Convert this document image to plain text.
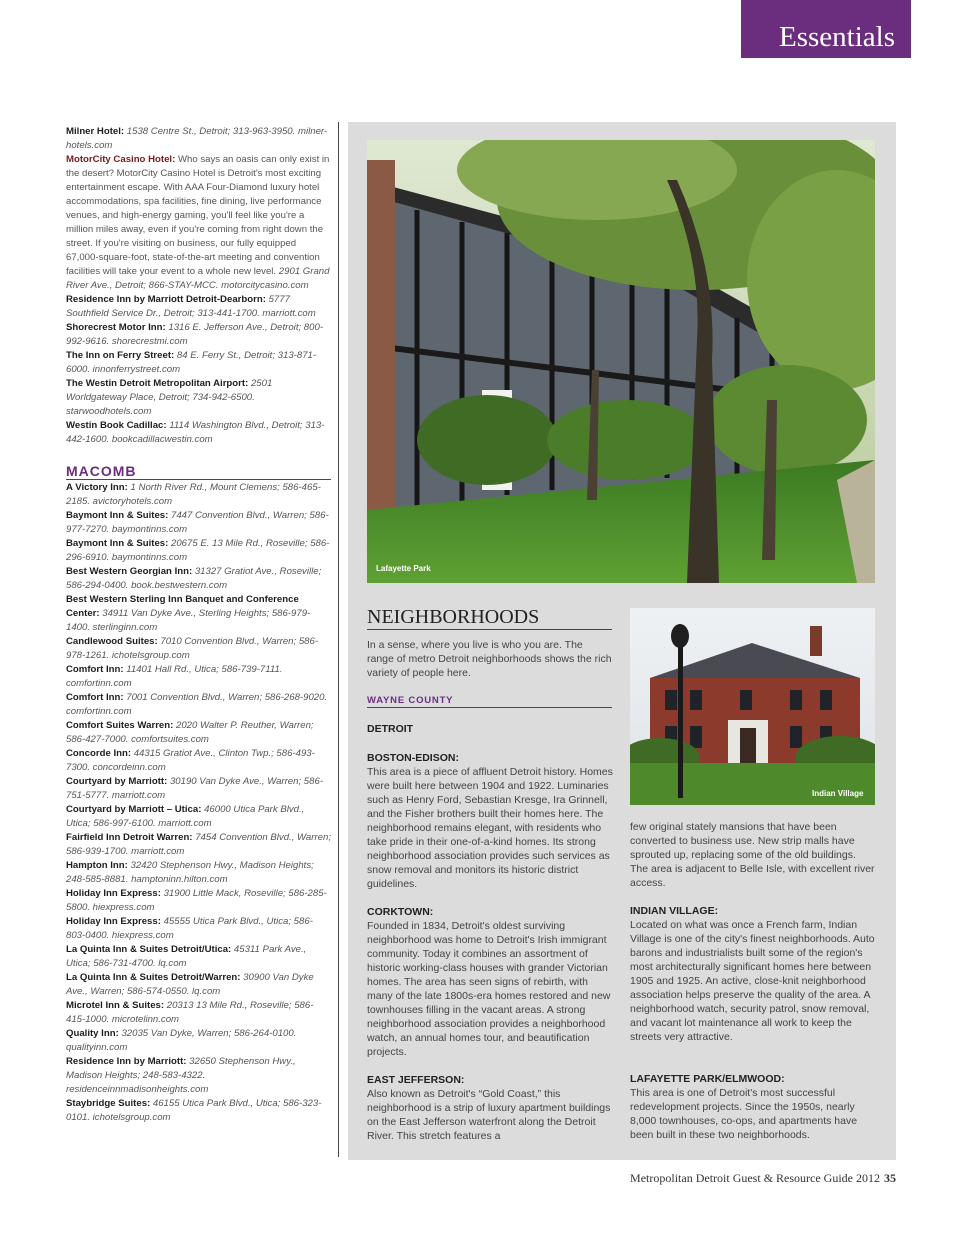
Essentials

Milner Hotel: 1538 Centre St., Detroit; 313-963-3950. milner-hotels.com

MotorCity Casino Hotel: Who says an oasis can only exist in the desert? MotorCity Casino Hotel is Detroit's most exciting entertainment escape. With AAA Four-Diamond luxury hotel accommodations, spa facilities, fine dining, live performance venues, and high-energy gaming, you'll feel like you're a million miles away, even if you're coming from right down the street. If you're visiting on business, our fully equipped 67,000-square-foot, state-of-the-art meeting and convention facilities will take your event to a whole new level. 2901 Grand River Ave., Detroit; 866-STAY-MCC. motorcitycasino.com

Residence Inn by Marriott Detroit-Dearborn: 5777 Southfield Service Dr., Detroit; 313-441-1700. marriott.com

Shorecrest Motor Inn: 1316 E. Jefferson Ave., Detroit; 800-992-9616. shorecrestmi.com

The Inn on Ferry Street: 84 E. Ferry St., Detroit; 313-871-6000. innonferrystreet.com

The Westin Detroit Metropolitan Airport: 2501 Worldgateway Place, Detroit; 734-942-6500. starwoodhotels.com

Westin Book Cadillac: 1114 Washington Blvd., Detroit; 313-442-1600. bookcadillacwestin.com

MACOMB

A Victory Inn: 1 North River Rd., Mount Clemens; 586-465-2185. avictoryhotels.com

Baymont Inn & Suites: 7447 Convention Blvd., Warren; 586-977-7270. baymontinns.com

Baymont Inn & Suites: 20675 E. 13 Mile Rd., Roseville; 586-296-6910. baymontinns.com

Best Western Georgian Inn: 31327 Gratiot Ave., Roseville; 586-294-0400. book.bestwestern.com

Best Western Sterling Inn Banquet and Conference Center: 34911 Van Dyke Ave., Sterling Heights; 586-979-1400. sterlinginn.com

Candlewood Suites: 7010 Convention Blvd., Warren; 586-978-1261. ichotelsgroup.com

Comfort Inn: 11401 Hall Rd., Utica; 586-739-7111. comfortinn.com

Comfort Inn: 7001 Convention Blvd., Warren; 586-268-9020. comfortinn.com

Comfort Suites Warren: 2020 Walter P. Reuther, Warren; 586-427-7000. comfortsuites.com

Concorde Inn: 44315 Gratiot Ave., Clinton Twp.; 586-493-7300. concordeinn.com

Courtyard by Marriott: 30190 Van Dyke Ave., Warren; 586-751-5777. marriott.com

Courtyard by Marriott – Utica: 46000 Utica Park Blvd., Utica; 586-997-6100. marriott.com

Fairfield Inn Detroit Warren: 7454 Convention Blvd., Warren; 586-939-1700. marriott.com

Hampton Inn: 32420 Stephenson Hwy., Madison Heights; 248-585-8881. hamptoninn.hilton.com

Holiday Inn Express: 31900 Little Mack, Roseville; 586-285-5800. hiexpress.com

Holiday Inn Express: 45555 Utica Park Blvd., Utica; 586-803-0400. hiexpress.com

La Quinta Inn & Suites Detroit/Utica: 45311 Park Ave., Utica; 586-731-4700. lq.com

La Quinta Inn & Suites Detroit/Warren: 30900 Van Dyke Ave., Warren; 586-574-0550. lq.com

Microtel Inn & Suites: 20313 13 Mile Rd., Roseville; 586-415-1000. microtelinn.com

Quality Inn: 32035 Van Dyke, Warren; 586-264-0100. qualityinn.com

Residence Inn by Marriott: 32650 Stephenson Hwy., Madison Heights; 248-583-4322. residenceinnmadisonheights.com

Staybridge Suites: 46155 Utica Park Blvd., Utica; 586-323-0101. ichotelsgroup.com

Lafayette Park
Indian Village
NEIGHBORHOODS
In a sense, where you live is who you are. The range of metro Detroit neighborhoods shows the rich variety of people here.
WAYNE COUNTY
DETROIT
BOSTON-EDISON:

This area is a piece of affluent Detroit history. Homes were built here between 1904 and 1922. Luminaries such as Henry Ford, Sebastian Kresge, Ira Grinnell, and the Fisher brothers built their homes here. The neighborhood remains elegant, with residents who take pride in their one-of-a-kind homes. Its strong neighborhood association provides such services as snow removal and monitors its historic district guidelines.

CORKTOWN:

Founded in 1834, Detroit's oldest surviving neighborhood was home to Detroit's Irish immigrant community. Today it combines an assortment of historic working-class houses with grander Victorian homes. The area has seen signs of rebirth, with many of the late 1800s-era homes restored and new townhouses filling in the vacant areas. A strong neighborhood association provides a neighborhood watch, an annual homes tour, and beautification projects.

EAST JEFFERSON:

Also known as Detroit's “Gold Coast,” this neighborhood is a strip of luxury apartment buildings on the East Jefferson waterfront along the Detroit River. This stretch features a

few original stately mansions that have been converted to business use. New strip malls have sprouted up, replacing some of the old buildings. The area is adjacent to Belle Isle, with excellent river access.

INDIAN VILLAGE:

Located on what was once a French farm, Indian Village is one of the city's finest neighborhoods. Auto barons and industrialists built some of the region's most architecturally significant homes here between 1905 and 1925. An active, close-knit neighborhood association helps preserve the quality of the area. A neighborhood watch, security patrol, snow removal, and vacant lot maintenance all work to keep the streets very attractive.

LAFAYETTE PARK/ELMWOOD:

This area is one of Detroit's most successful redevelopment projects. Since the 1950s, nearly 8,000 townhouses, co-ops, and apartments have been built in these two neighborhoods.

Metropolitan Detroit Guest & Resource Guide 2012 35
